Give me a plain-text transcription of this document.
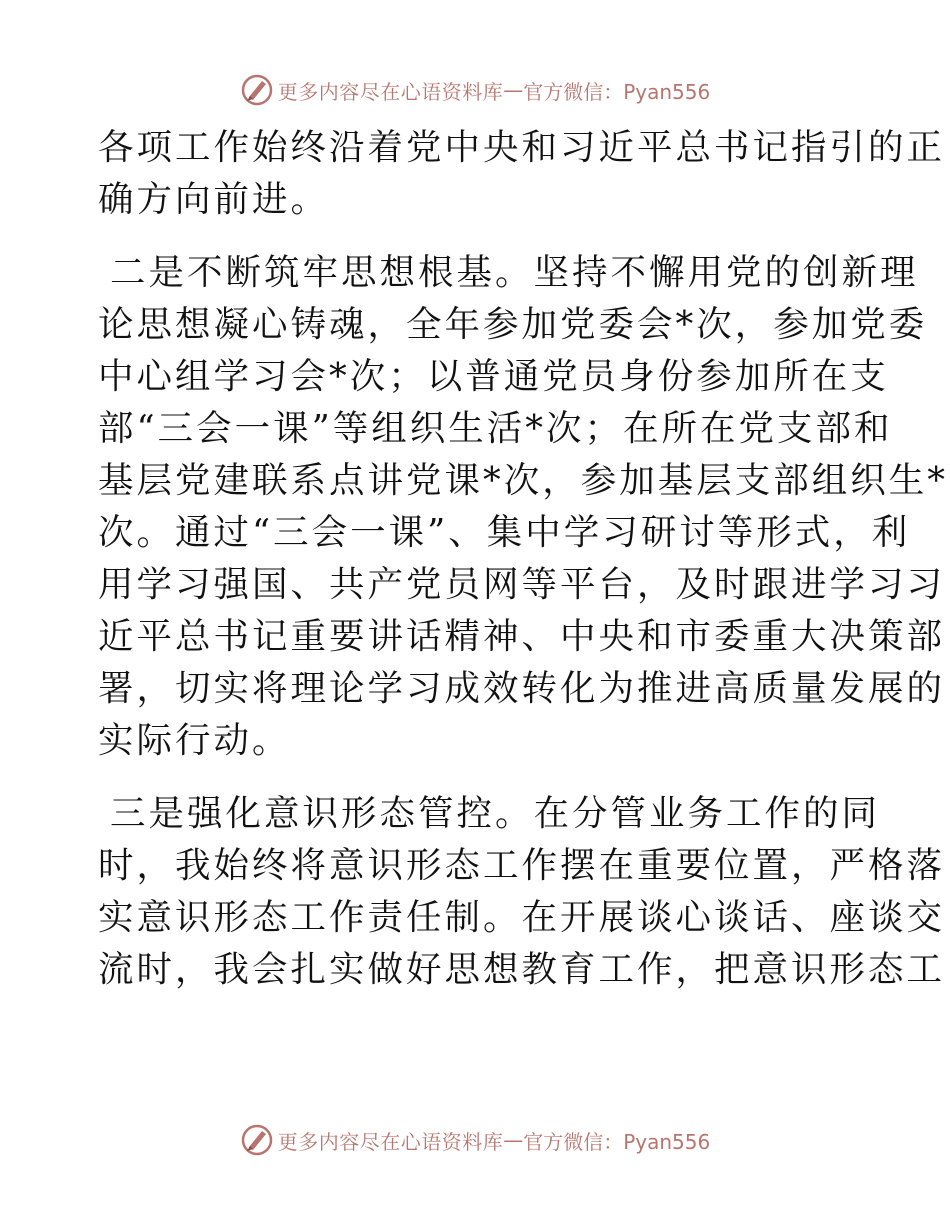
更多内容尽在心语资料库 — 官方微信：Pyan556
各项工作始终沿着党中央和习近平总书记指引的正
确方向前进。
二是不断筑牢思想根基。坚持不懈用党的创新理
论思想凝心铸魂，全年参加党委会*次，参加党委
中心组学习会*次；以普通党员身份参加所在支
部“三会一课”等组织生活*次；在所在党支部和
基层党建联系点讲党课*次，参加基层支部组织生*
次。通过“三会一课”、集中学习研讨等形式，利
用学习强国、共产党员网等平台，及时跟进学习习
近平总书记重要讲话精神、中央和市委重大决策部
署，切实将理论学习成效转化为推进高质量发展的
实际行动。
三是强化意识形态管控。在分管业务工作的同
时，我始终将意识形态工作摆在重要位置，严格落
实意识形态工作责任制。在开展谈心谈话、座谈交
流时，我会扎实做好思想教育工作，把意识形态工
更多内容尽在心语资料库 — 官方微信：Pyan556
